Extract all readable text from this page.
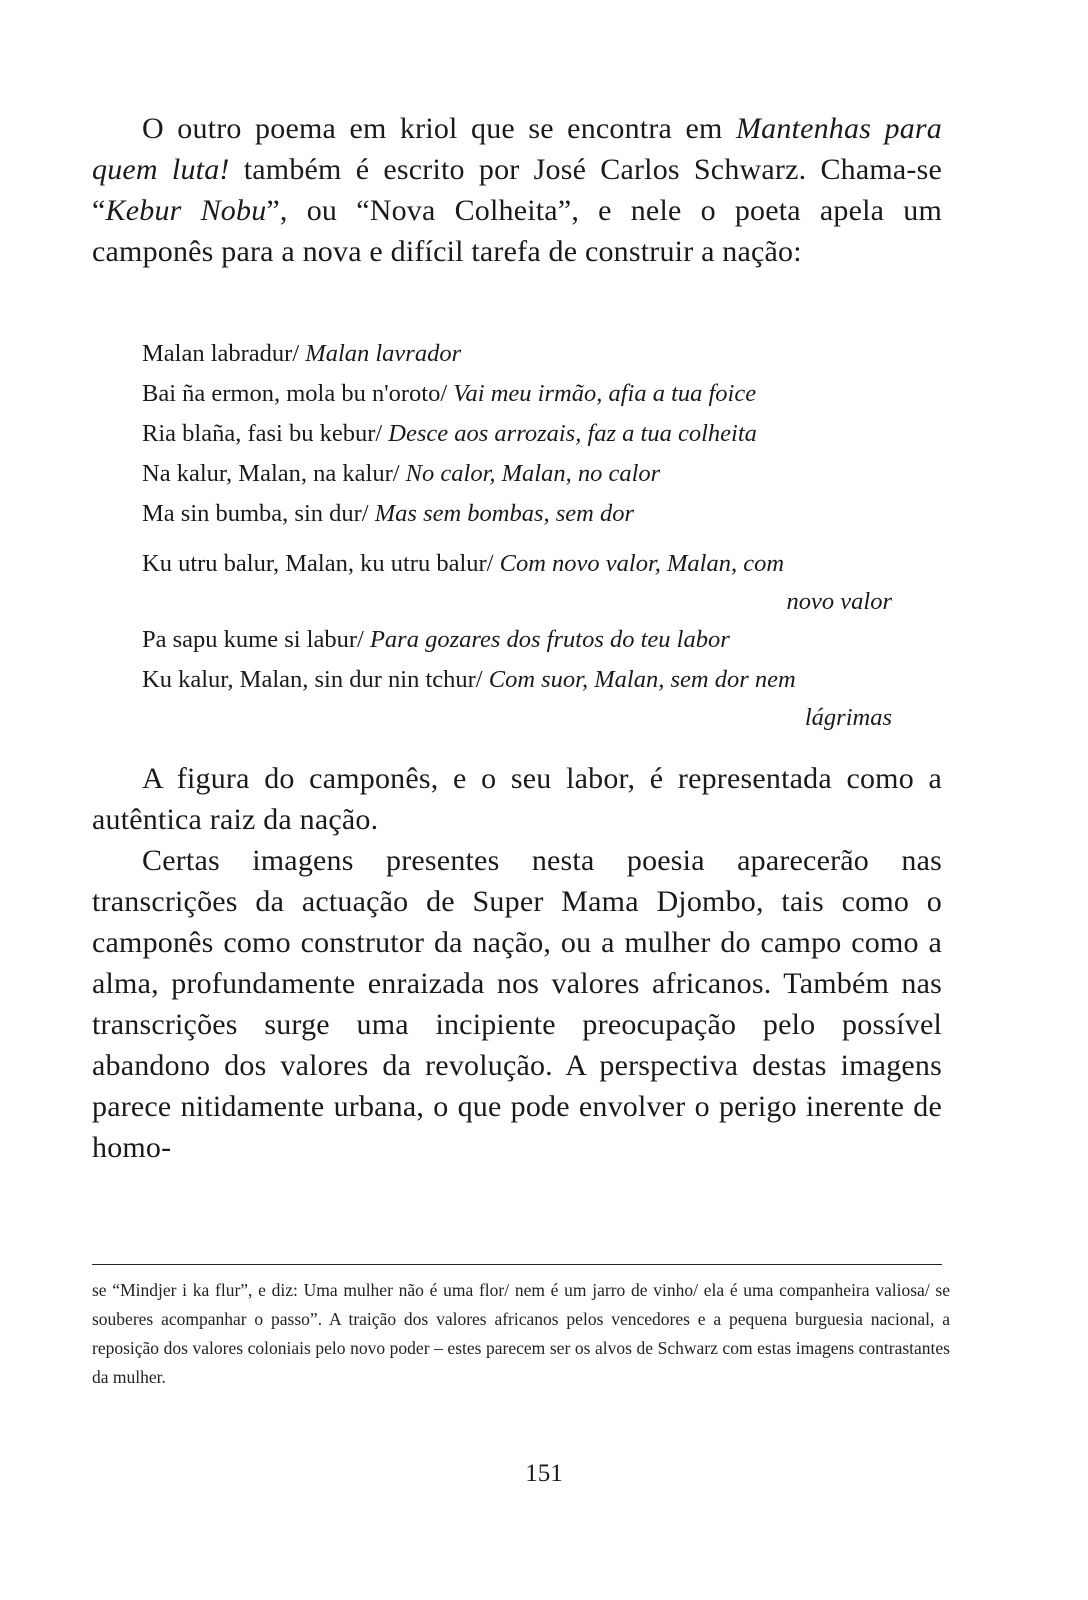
O outro poema em kriol que se encontra em Mantenhas para quem luta! também é escrito por José Carlos Schwarz. Chama-se “Kebur Nobu”, ou “Nova Colheita”, e nele o poeta apela um camponês para a nova e difícil tarefa de construir a nação:

Malan labradur/ Malan lavrador
Bai ña ermon, mola bu n'oroto/ Vai meu irmão, afia a tua foice
Ria blaña, fasi bu kebur/ Desce aos arrozais, faz a tua colheita
Na kalur, Malan, na kalur/ No calor, Malan, no calor
Ma sin bumba, sin dur/ Mas sem bombas, sem dor
Ku utru balur, Malan, ku utru balur/ Com novo valor, Malan, com
novo valor
Pa sapu kume si labur/ Para gozares dos frutos do teu labor
Ku kalur, Malan, sin dur nin tchur/ Com suor, Malan, sem dor nem
lágrimas

A figura do camponês, e o seu labor, é representada como a autêntica raiz da nação.

Certas imagens presentes nesta poesia aparecerão nas transcrições da actuação de Super Mama Djombo, tais como o camponês como construtor da nação, ou a mulher do campo como a alma, profundamente enraizada nos valores africanos. Também nas transcrições surge uma incipiente preocupação pelo possível abandono dos valores da revolução. A perspectiva destas imagens parece nitidamente urbana, o que pode envolver o perigo inerente de homo-

se “Mindjer i ka flur”, e diz: Uma mulher não é uma flor/ nem é um jarro de vinho/ ela é uma companheira valiosa/ se souberes acompanhar o passo”. A traição dos valores africanos pelos vencedores e a pequena burguesia nacional, a reposição dos valores coloniais pelo novo poder – estes parecem ser os alvos de Schwarz com estas imagens contrastantes da mulher.
151
